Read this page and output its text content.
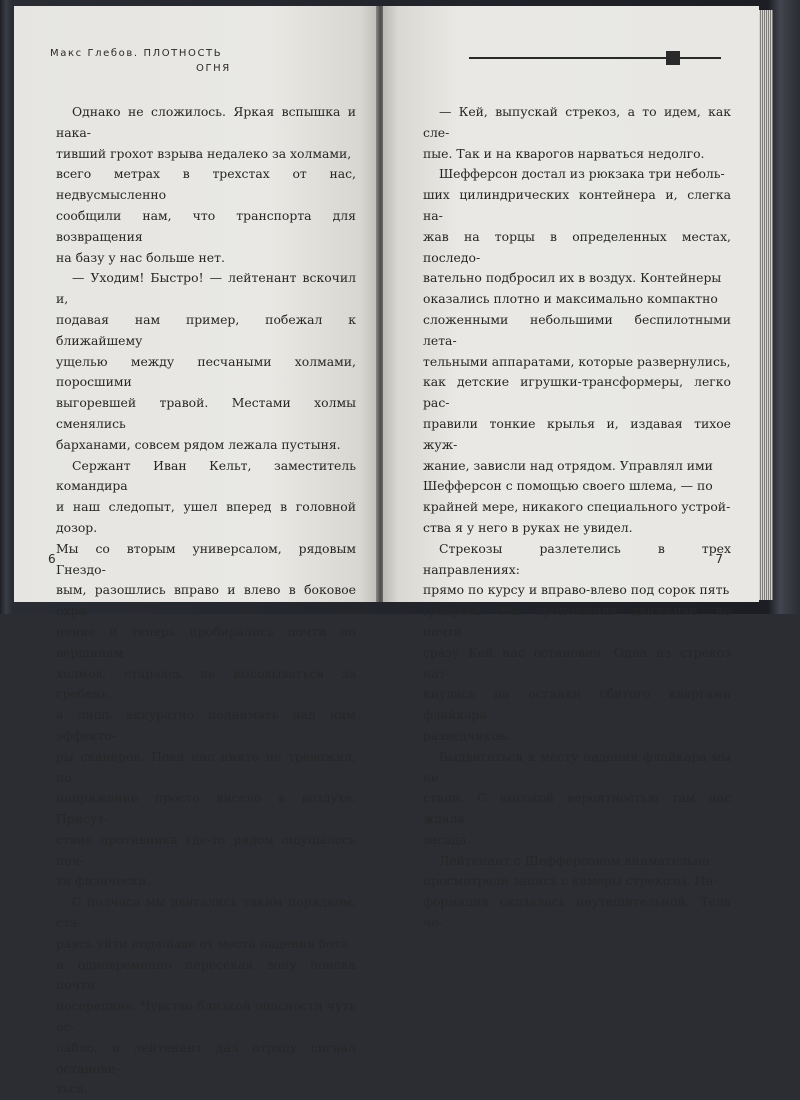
Макс Глебов. ПЛОТНОСТЬ
ОГНЯ

Однако не сложилось. Яркая вспышка и нака-
тивший грохот взрыва недалеко за холмами,
всего метрах в трехстах от нас, недвусмысленно
сообщили нам, что транспорта для возвращения
на базу у нас больше нет.

— Уходим! Быстро! — лейтенант вскочил и,
подавая нам пример, побежал к ближайшему
ущелью между песчаными холмами, поросшими
выгоревшей травой. Местами холмы сменялись
барханами, совсем рядом лежала пустыня.

Сержант Иван Кельт, заместитель командира
и наш следопыт, ушел вперед в головной дозор.
Мы со вторым универсалом, рядовым Гнездо-
вым, разошлись вправо и влево в боковое охра-
нение и теперь пробирались почти по вершинам
холмов, стараясь не высовываться за гребень,
а лишь аккуратно поднимать над ним эффекто-
ры сканеров. Пока нас никто не тревожил, но
напряжение просто висело в воздухе. Присут-
ствие противника где-то рядом ощущалось поч-
ти физически.

С полчаса мы двигались таким порядком, ста-
раясь уйти подальше от места падения бота
и одновременно пересекая зону поиска почти
посередине. Чувство близкой опасности чуть ос-
лабло, и лейтенант дал отряду сигнал останови-
ться.

6

— Кей, выпускай стрекоз, а то идем, как сле-
пые. Так и на кварогов нарваться недолго.

Шефферсон достал из рюкзака три неболь-
ших цилиндрических контейнера и, слегка на-
жав на торцы в определенных местах, последо-
вательно подбросил их в воздух. Контейнеры
оказались плотно и максимально компактно
сложенными небольшими беспилотными лета-
тельными аппаратами, которые развернулись,
как детские игрушки-трансформеры, легко рас-
правили тонкие крылья и, издавая тихое жуж-
жание, зависли над отрядом. Управлял ими
Шефферсон с помощью своего шлема, — по
крайней мере, никакого специального устрой-
ства я у него в руках не увидел.

Стрекозы разлетелись в трех направлениях:
прямо по курсу и вправо-влево под сорок пять
градусов. Мы продолжили движение, но почти
сразу Кей нас остановил. Одна из стрекоз нат-
кнулась на останки сбитого кваргами флайкара
разведчиков.

Выдвигаться к месту падения флайкара мы не
стали. С высокой вероятностью там нас ждала
засада.

Лейтенант с Шефферсоном внимательно
просмотрели запись с камеры стрекозы. Ин-
формация оказалась неутешительной. Тела че-

7
